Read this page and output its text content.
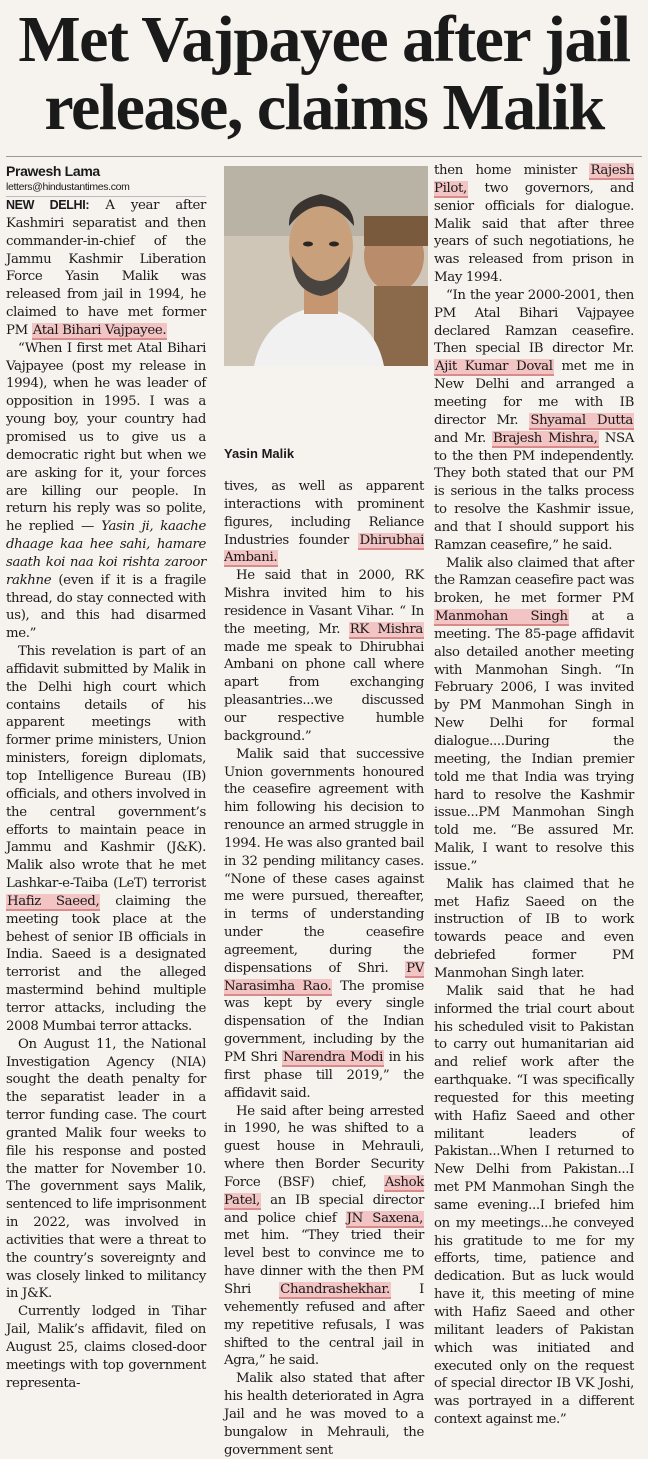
Met Vajpayee after jail release, claims Malik

Prawesh Lama

letters@hindustantimes.com

NEW DELHI: A year after Kashmiri separatist and then commander-in-chief of the Jammu Kashmir Liberation Force Yasin Malik was released from jail in 1994, he claimed to have met former PM Atal Bihari Vajpayee.

“When I first met Atal Bihari Vajpayee (post my release in 1994), when he was leader of opposition in 1995. I was a young boy, your country had promised us to give us a democratic right but when we are asking for it, your forces are killing our people. In return his reply was so polite, he replied — Yasin ji, kaache dhaage kaa hee sahi, hamare saath koi naa koi rishta zaroor rakhne (even if it is a fragile thread, do stay connected with us), and this had disarmed me.”

This revelation is part of an affidavit submitted by Malik in the Delhi high court which contains details of his apparent meetings with former prime ministers, Union ministers, foreign diplomats, top Intelligence Bureau (IB) officials, and others involved in the central government’s efforts to maintain peace in Jammu and Kashmir (J&K). Malik also wrote that he met Lashkar-e-Taiba (LeT) terrorist Hafiz Saeed, claiming the meeting took place at the behest of senior IB officials in India. Saeed is a designated terrorist and the alleged mastermind behind multiple terror attacks, including the 2008 Mumbai terror attacks.

On August 11, the National Investigation Agency (NIA) sought the death penalty for the separatist leader in a terror funding case. The court granted Malik four weeks to file his response and posted the matter for November 10. The government says Malik, sentenced to life imprisonment in 2022, was involved in activities that were a threat to the country’s sovereignty and was closely linked to militancy in J&K.

Currently lodged in Tihar Jail, Malik’s affidavit, filed on August 25, claims closed-door meetings with top government representa-

Yasin Malik

tives, as well as apparent interactions with prominent figures, including Reliance Industries founder Dhirubhai Ambani.

He said that in 2000, RK Mishra invited him to his residence in Vasant Vihar. “ In the meeting, Mr. RK Mishra made me speak to Dhirubhai Ambani on phone call where apart from exchanging pleasantries...we discussed our respective humble background.”

Malik said that successive Union governments honoured the ceasefire agreement with him following his decision to renounce an armed struggle in 1994. He was also granted bail in 32 pending militancy cases. “None of these cases against me were pursued, thereafter, in terms of understanding under the ceasefire agreement, during the dispensations of Shri. PV Narasimha Rao. The promise was kept by every single dispensation of the Indian government, including by the PM Shri Narendra Modi in his first phase till 2019,” the affidavit said.

He said after being arrested in 1990, he was shifted to a guest house in Mehrauli, where then Border Security Force (BSF) chief, Ashok Patel, an IB special director and police chief JN Saxena, met him. “They tried their level best to convince me to have dinner with the then PM Shri Chandrashekhar. I vehemently refused and after my repetitive refusals, I was shifted to the central jail in Agra,” he said.

Malik also stated that after his health deteriorated in Agra Jail and he was moved to a bungalow in Mehrauli, the government sent

then home minister Rajesh Pilot, two governors, and senior officials for dialogue. Malik said that after three years of such negotiations, he was released from prison in May 1994.

“In the year 2000-2001, then PM Atal Bihari Vajpayee declared Ramzan ceasefire. Then special IB director Mr. Ajit Kumar Doval met me in New Delhi and arranged a meeting for me with IB director Mr. Shyamal Dutta and Mr. Brajesh Mishra, NSA to the then PM independently. They both stated that our PM is serious in the talks process to resolve the Kashmir issue, and that I should support his Ramzan ceasefire,” he said.

Malik also claimed that after the Ramzan ceasefire pact was broken, he met former PM Manmohan Singh at a meeting. The 85-page affidavit also detailed another meeting with Manmohan Singh. “In February 2006, I was invited by PM Manmohan Singh in New Delhi for formal dialogue....During the meeting, the Indian premier told me that India was trying hard to resolve the Kashmir issue...PM Manmohan Singh told me. “Be assured Mr. Malik, I want to resolve this issue.”

Malik has claimed that he met Hafiz Saeed on the instruction of IB to work towards peace and even debriefed former PM Manmohan Singh later.

Malik said that he had informed the trial court about his scheduled visit to Pakistan to carry out humanitarian aid and relief work after the earthquake. “I was specifically requested for this meeting with Hafiz Saeed and other militant leaders of Pakistan...When I returned to New Delhi from Pakistan...I met PM Manmohan Singh the same evening...I briefed him on my meetings...he conveyed his gratitude to me for my efforts, time, patience and dedication. But as luck would have it, this meeting of mine with Hafiz Saeed and other militant leaders of Pakistan which was initiated and executed only on the request of special director IB VK Joshi, was portrayed in a different context against me.”
